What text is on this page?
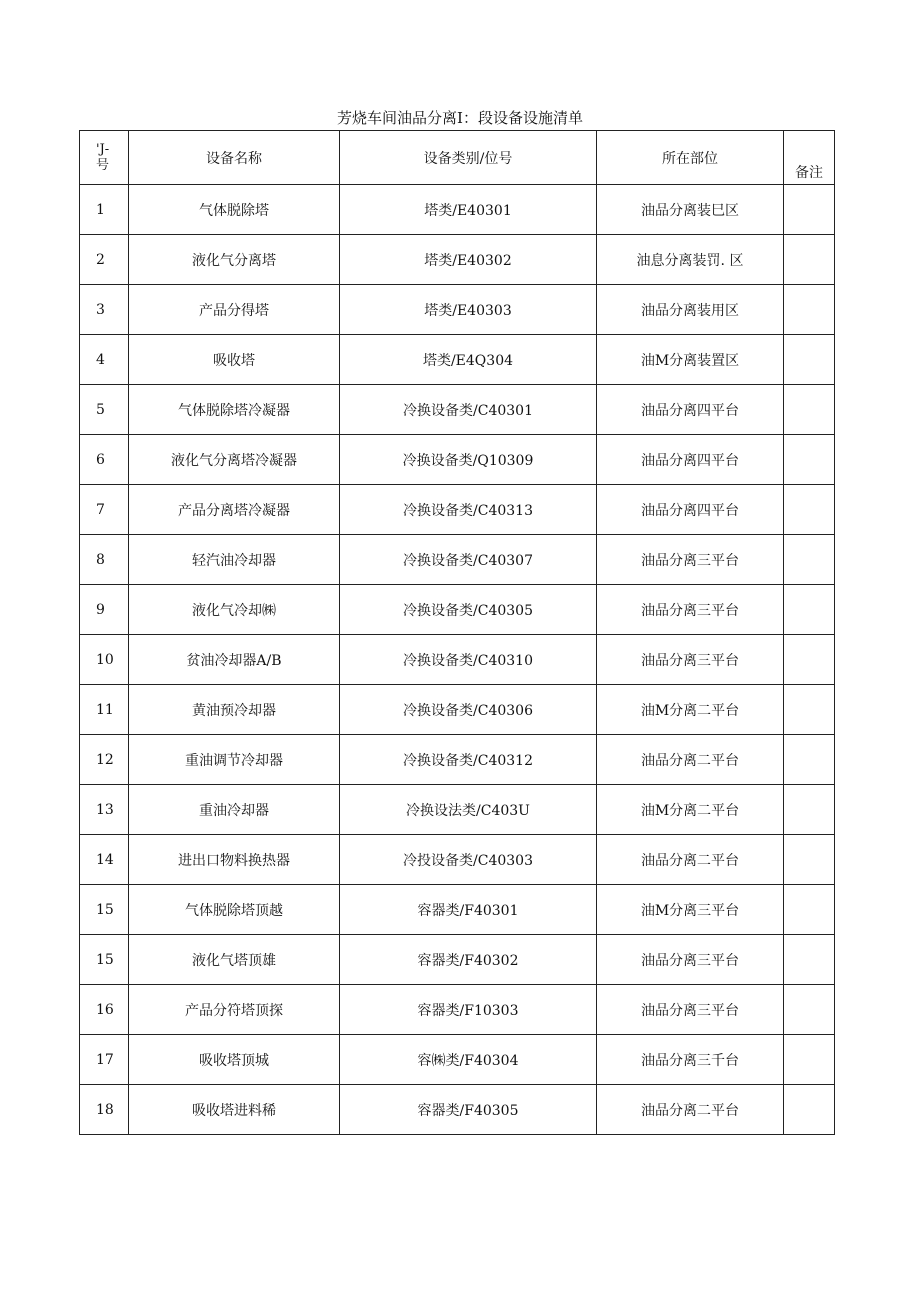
芳烧车间油品分离I：段设备设施清单
'J-
号	设备名称	设备类别/位号	所在部位	备注
1	气体脱除塔	塔类/E40301	油品分离装巳区	
2	液化气分离塔	塔类/E40302	油息分离装罚. 区	
3	产品分得塔	塔类/E40303	油品分离装用区	
4	吸收塔	塔类/E4Q304	油M分离装置区	
5	气体脱除塔冷凝器	冷换设备类/C40301	油品分离四平台	
6	液化气分离塔冷凝器	冷换设备类/Q10309	油品分离四平台	
7	产品分离塔冷凝器	冷换设备类/C40313	油品分离四平台	
8	轻汽油冷却器	冷换设备类/C40307	油品分离三平台	
9	液化气冷却㈱	冷换设备类/C40305	油品分离三平台	
10	贫油冷却器A/B	冷换设备类/C40310	油品分离三平台	
11	黄油预冷却器	冷换设备类/C40306	油M分离二平台	
12	重油调节冷却器	冷换设备类/C40312	油品分离二平台	
13	重油冷却器	冷换设法类/C403U	油M分离二平台	
14	进出口物料换热器	冷投设备类/C40303	油品分离二平台	
15	气体脱除塔顶越	容器类/F40301	油M分离三平台	
15	液化气塔顶雄	容器类/F40302	油品分离三平台	
16	产品分符塔顶探	容器类/F10303	油品分离三平台	
17	吸收塔顶城	容㈱类/F40304	油品分离三千台	
18	吸收塔进料稀	容器类/F40305	油品分离二平台	
